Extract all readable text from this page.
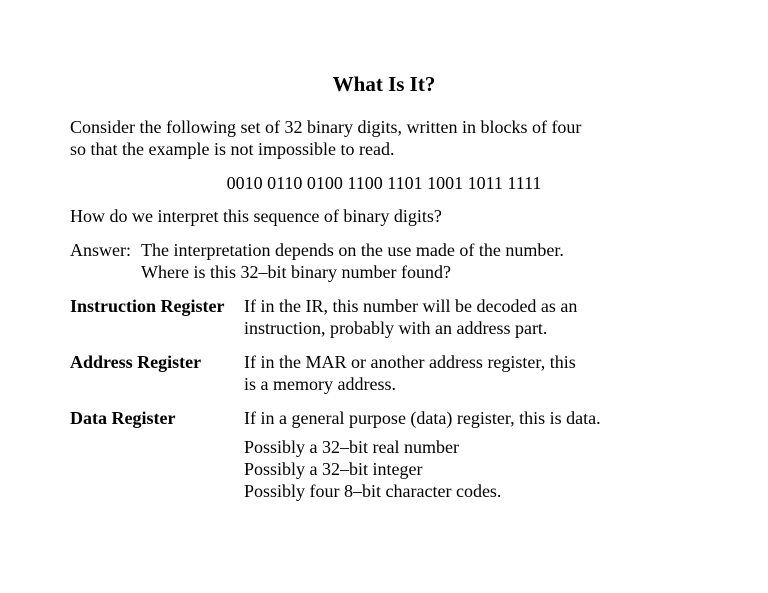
What Is It?
Consider the following set of 32 binary digits, written in blocks of four
so that the example is not impossible to read.
0010 0110 0100 1100 1101 1001 1011 1111
How do we interpret this sequence of binary digits?
Answer: The interpretation depends on the use made of the number.
Where is this 32–bit binary number found?
Instruction Register If in the IR, this number will be decoded as an
instruction, probably with an address part.
Address Register If in the MAR or another address register, this
is a memory address.
Data Register	If in a general purpose (data) register, this is data.
Possibly a 32–bit real number
Possibly a 32–bit integer
Possibly four 8–bit character codes.
